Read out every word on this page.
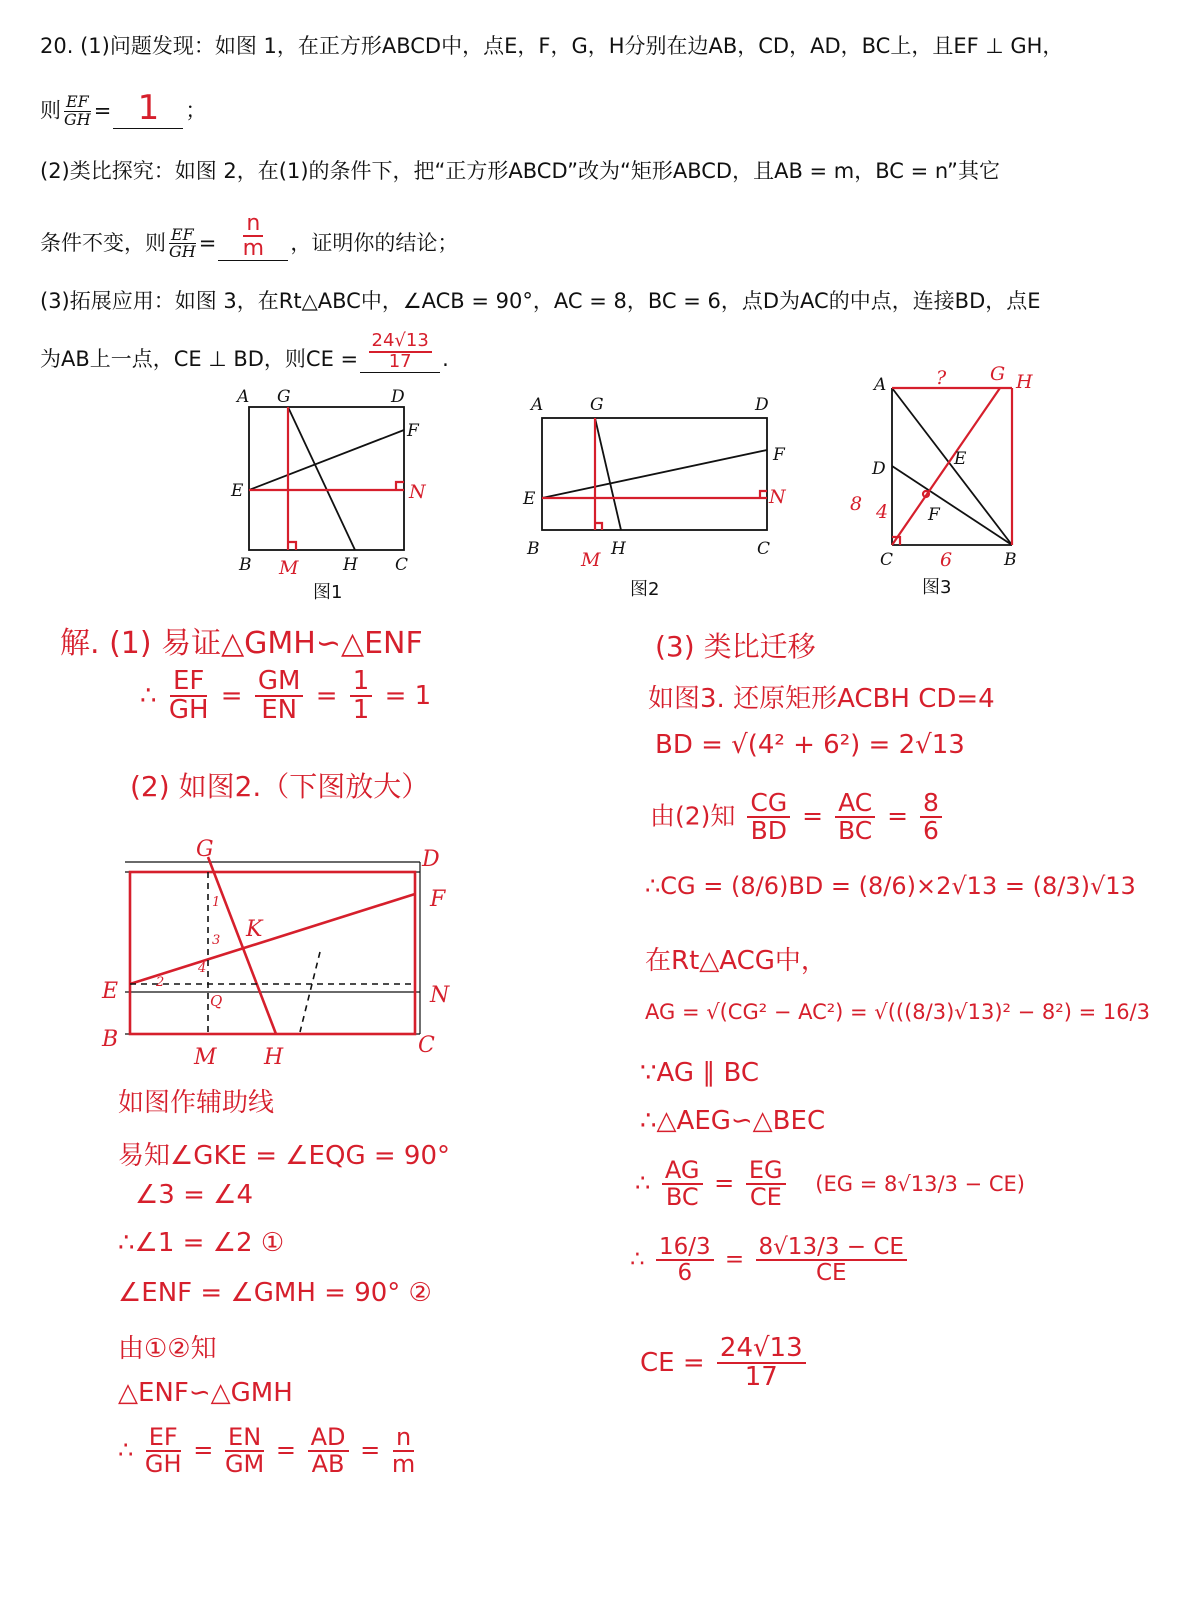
20. (1)问题发现：如图 1，在正方形ABCD中，点E，F，G，H分别在边AB，CD，AD，BC上，且EF ⊥ GH，
则 $\frac{EF}{GH} = 1$ ；
(2)类比探究：如图 2，在(1)的条件下，把“正方形ABCD”改为“矩形ABCD，且AB = m，BC = n”其它
条件不变，则 $\frac{EF}{GH} = \frac{n}{m}$ ，证明你的结论；
(3)拓展应用：如图 3，在Rt△ABC中，∠ACB = 90°，AC = 8，BC = 6，点D为AC的中点，连接BD，点E
为AB上一点，CE ⊥ BD，则CE = $\frac{24√13}{17}$ .
A G	D
F
E
B	H C
M
N
图1
A	G	D
F
E
B	H	C
M
N
图2
A
D	E
F
C	B
? G H
8 4
6
图3
解. (1) 易证△GMH∽△ENF
∴ $\frac{EF}{GH} = \frac{GM}{EN} = \frac{1}{1} = 1$
(2) 如图2.（下图放大）
G	D
F
E	N
B
M H	C
K
1
2
3
4
Q
如图作辅助线
易知∠GKE = ∠EQG = 90°
∠3 = ∠4
∴∠1 = ∠2 ①
∠ENF = ∠GMH = 90° ②
由①②知
△ENF∽△GMH
∴ $\frac{EF}{GH} = \frac{EN}{GM} = \frac{AD}{AB} = \frac{n}{m}$
(3) 类比迁移
如图3. 还原矩形ACBH CD=4
BD = √(4² + 6²) = 2√13
由(2)知 $\frac{CG}{BD} = \frac{AC}{BC} = \frac{8}{6}$
∴CG = (8/6)BD = (8/6)×2√13 = (8/3)√13
在Rt△ACG中，
AG = √(CG² − AC²) = √(((8/3)√13)² − 8²) = 16/3
∵AG ∥ BC
∴△AEG∽△BEC
∴ $\frac{AG}{BC} = \frac{EG}{CE} (EG = 8√13/3 - CE)$
∴ $\frac{16/3}{6} = \frac{8√13/3 - CE}{CE}$
CE = $\frac{24√13}{17}$
